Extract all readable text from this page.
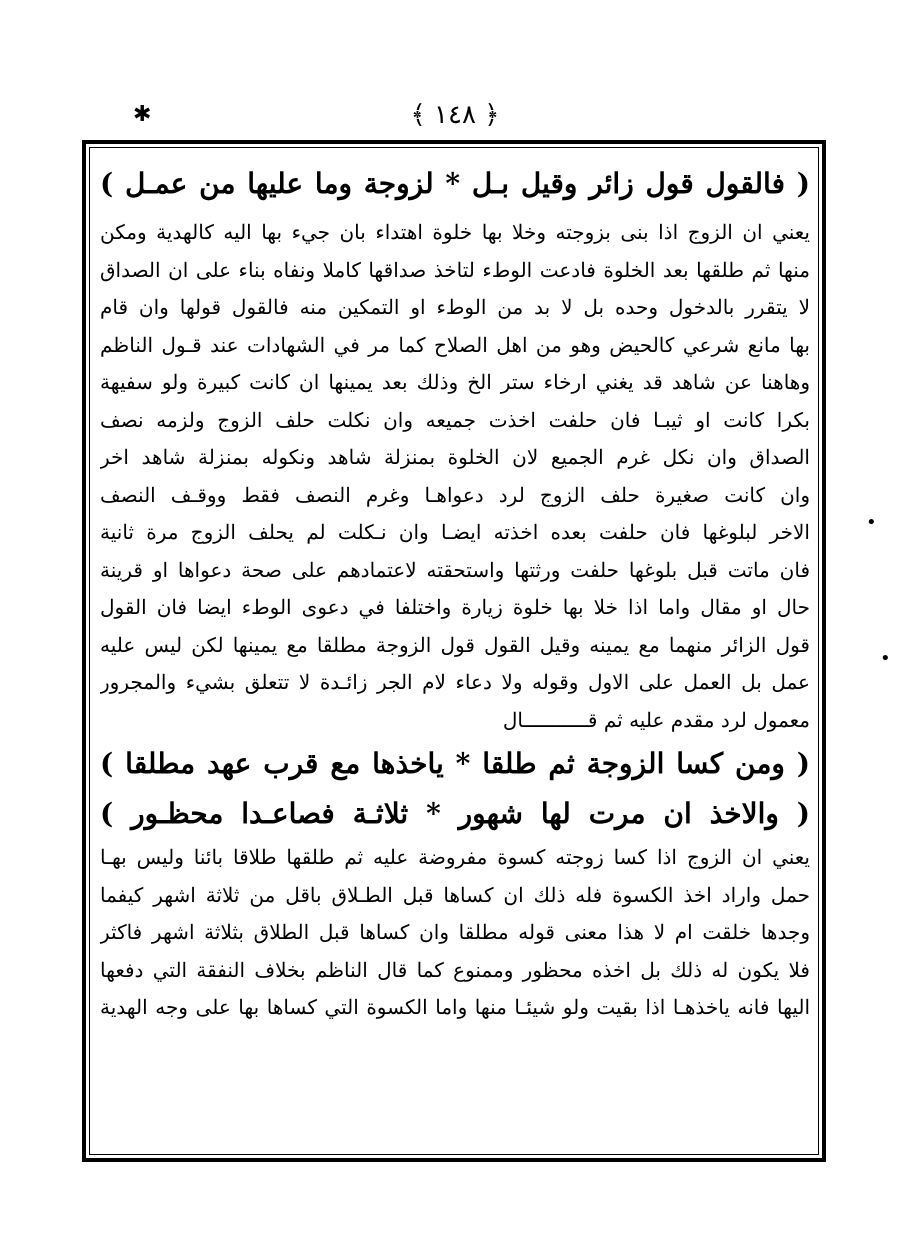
✱	﴿ ١٤٨ ﴾
•
•
( فالقول قول زائر وقيل بـل * لزوجة وما عليها من عمـل )
يعني ان الزوج اذا بنى بزوجته وخلا بها خلوة اهتداء بان جيء بها اليه كالهدية ومكن
منها ثم طلقها بعد الخلوة فادعت الوطء لتاخذ صداقها كاملا ونفاه بناء على ان الصداق
لا يتقرر بالدخول وحده بل لا بد من الوطء او التمكين منه فالقول قولها وان قام
بها مانع شرعي كالحيض وهو من اهل الصلاح كما مر في الشهادات عند قـول الناظم
وهاهنا عن شاهد قد يغني ارخاء ستر الخ وذلك بعد يمينها ان كانت كبيرة ولو سفيهة
بكرا كانت او ثيبـا فان حلفت اخذت جميعه وان نكلت حلف الزوج ولزمه نصف
الصداق وان نكل غرم الجميع لان الخلوة بمنزلة شاهد ونكوله بمنزلة شاهد اخر
وان كانت صغيرة حلف الزوج لرد دعواهـا وغرم النصف فقط ووقـف النصف
الاخر لبلوغها فان حلفت بعده اخذته ايضـا وان نـكلت لم يحلف الزوج مرة ثانية
فان ماتت قبل بلوغها حلفت ورثتها واستحقته لاعتمادهم على صحة دعواها او قرينة
حال او مقال واما اذا خلا بها خلوة زيارة واختلفا في دعوى الوطء ايضا فان القول
قول الزائر منهما مع يمينه وقيل القول قول الزوجة مطلقا مع يمينها لكن ليس عليه
عمل بل العمل على الاول وقوله ولا دعاء لام الجر زائـدة لا تتعلق بشيء والمجرور
معمول لرد مقدم عليه ثم قـــــــــــال
( ومن كسا الزوجة ثم طلقا * ياخذها مع قرب عهد مطلقا )
( والاخذ ان مرت لها شهور * ثلاثـة فصاعـدا محظـور )
يعني ان الزوج اذا كسا زوجته كسوة مفروضة عليه ثم طلقها طلاقا بائنا وليس بهـا
حمل واراد اخذ الكسوة فله ذلك ان كساها قبل الطـلاق باقل من ثلاثة اشهر كيفما
وجدها خلقت ام لا هذا معنى قوله مطلقا وان كساها قبل الطلاق بثلاثة اشهر فاكثر
فلا يكون له ذلك بل اخذه محظور وممنوع كما قال الناظم بخلاف النفقة التي دفعها
اليها فانه ياخذهـا اذا بقيت ولو شيئـا منها واما الكسوة التي كساها بها على وجه الهدية
